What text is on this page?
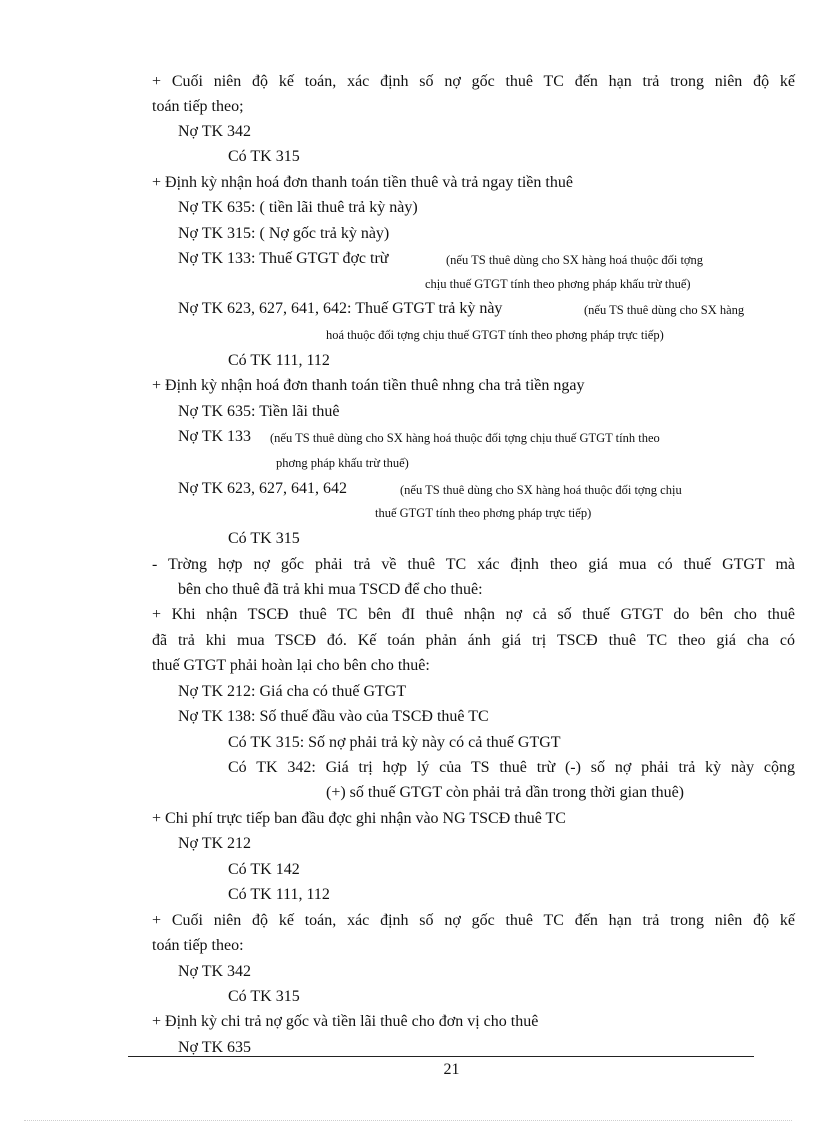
+ Cuối niên độ kế toán, xác định số nợ gốc thuê TC đến hạn trả trong niên độ kế
toán tiếp theo;
Nợ TK 342
Có TK 315
+ Định kỳ nhận hoá đơn thanh toán tiền thuê và trả ngay tiền thuê
Nợ TK 635: ( tiền lãi thuê trả kỳ này)
Nợ TK 315: ( Nợ gốc trả kỳ này)
Nợ TK 133: Thuế GTGT đợc trừ	(nếu TS thuê dùng cho SX hàng hoá thuộc đối tợng
chịu thuế GTGT tính theo phơng pháp khấu trừ thuế)
Nợ TK 623, 627, 641, 642: Thuế GTGT trả kỳ này	(nếu TS thuê dùng cho SX hàng
hoá thuộc đối tợng chịu thuế GTGT tính theo phơng pháp trực tiếp)
Có TK 111, 112
+ Định kỳ nhận hoá đơn thanh toán tiền thuê nhng cha trả tiền ngay
Nợ TK 635: Tiền lãi thuê
Nợ TK 133 (nếu TS thuê dùng cho SX hàng hoá thuộc đối tợng chịu thuế GTGT tính theo
phơng pháp khấu trừ thuế)
Nợ TK 623, 627, 641, 642	(nếu TS thuê dùng cho SX hàng hoá thuộc đối tợng chịu
thuế GTGT tính theo phơng pháp trực tiếp)
Có TK 315
- Trờng hợp nợ gốc phải trả về thuê TC xác định theo giá mua có thuế GTGT mà
bên cho thuê đã trả khi mua TSCD để cho thuê:
+ Khi nhận TSCĐ thuê TC bên đI thuê nhận nợ cả số thuế GTGT do bên cho thuê
đã trả khi mua TSCĐ đó. Kế toán phản ánh giá trị TSCĐ thuê TC theo giá cha có
thuế GTGT phải hoàn lại cho bên cho thuê:
Nợ TK 212: Giá cha có thuế GTGT
Nợ TK 138: Số thuế đầu vào của TSCĐ thuê TC
Có TK 315: Số nợ phải trả kỳ này có cả thuế GTGT
Có TK 342: Giá trị hợp lý của TS thuê trừ (-) số nợ phải trả kỳ này cộng
(+) số thuế GTGT còn phải trả dần trong thời gian thuê)
+ Chi phí trực tiếp ban đầu đợc ghi nhận vào NG TSCĐ thuê TC
Nợ TK 212
Có TK 142
Có TK 111, 112
+ Cuối niên độ kế toán, xác định số nợ gốc thuê TC đến hạn trả trong niên độ kế
toán tiếp theo:
Nợ TK 342
Có TK 315
+ Định kỳ chi trả nợ gốc và tiền lãi thuê cho đơn vị cho thuê
Nợ TK 635
21
